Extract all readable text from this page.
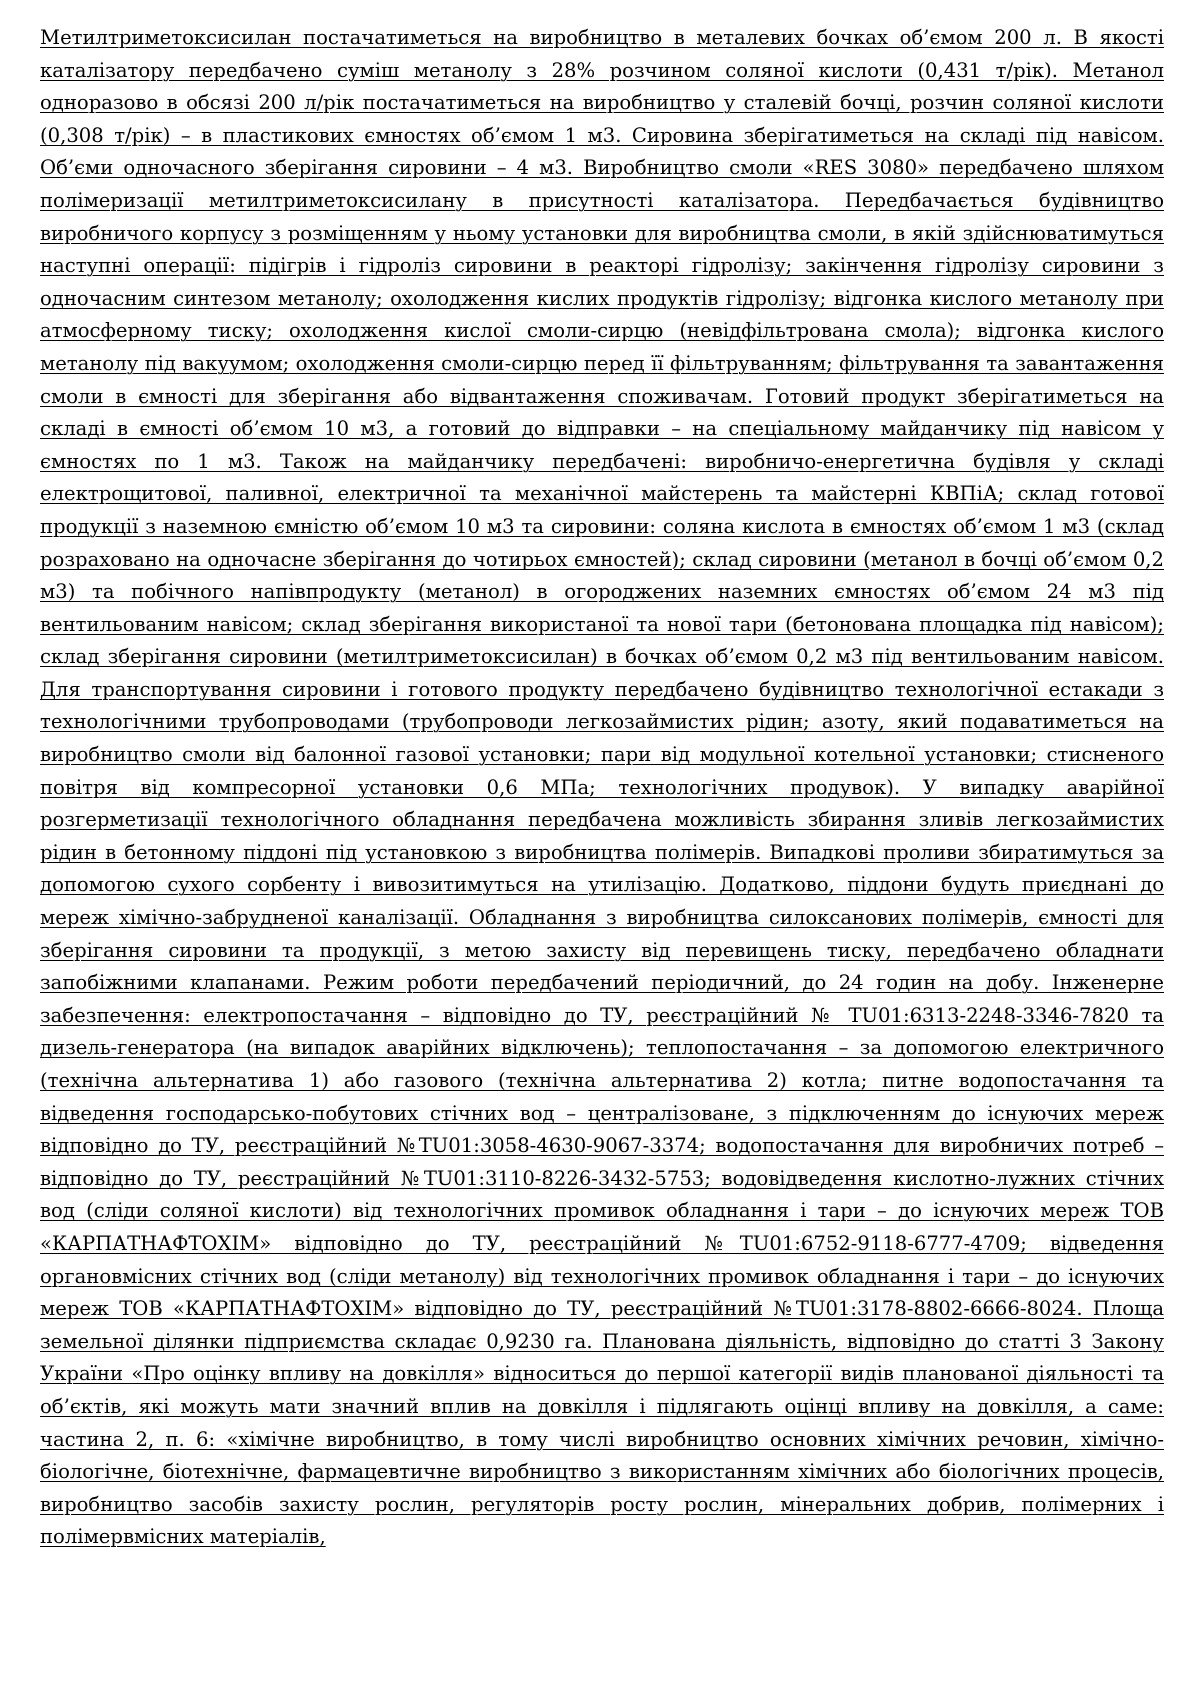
Метилтриметоксисилан постачатиметься на виробництво в металевих бочках об’ємом 200 л. В якості каталізатору передбачено суміш метанолу з 28% розчином соляної кислоти (0,431 т/рік). Метанол одноразово в обсязі 200 л/рік постачатиметься на виробництво у сталевій бочці, розчин соляної кислоти (0,308 т/рік) – в пластикових ємностях об’ємом 1 м3. Сировина зберігатиметься на складі під навісом. Об’єми одночасного зберігання сировини – 4 м3. Виробництво смоли «RES 3080» передбачено шляхом полімеризації метилтриметоксисилану в присутності каталізатора. Передбачається будівництво виробничого корпусу з розміщенням у ньому установки для виробництва смоли, в якій здійснюватимуться наступні операції: підігрів і гідроліз сировини в реакторі гідролізу; закінчення гідролізу сировини з одночасним синтезом метанолу; охолодження кислих продуктів гідролізу; відгонка кислого метанолу при атмосферному тиску; охолодження кислої смоли-сирцю (невідфільтрована смола); відгонка кислого метанолу під вакуумом; охолодження смоли-сирцю перед її фільтруванням; фільтрування та завантаження смоли в ємності для зберігання або відвантаження споживачам. Готовий продукт зберігатиметься на складі в ємності об’ємом 10 м3, а готовий до відправки – на спеціальному майданчику під навісом у ємностях по 1 м3. Також на майданчику передбачені: виробничо-енергетична будівля у складі електрощитової, паливної, електричної та механічної майстерень та майстерні КВПіА; склад готової продукції з наземною ємністю об’ємом 10 м3 та сировини: соляна кислота в ємностях об’ємом 1 м3 (склад розраховано на одночасне зберігання до чотирьох ємностей); склад сировини (метанол в бочці об’ємом 0,2 м3) та побічного напівпродукту (метанол) в огороджених наземних ємностях об’ємом 24 м3 під вентильованим навісом; склад зберігання використаної та нової тари (бетонована площадка під навісом); склад зберігання сировини (метилтриметоксисилан) в бочках об’ємом 0,2 м3 під вентильованим навісом. Для транспортування сировини і готового продукту передбачено будівництво технологічної естакади з технологічними трубопроводами (трубопроводи легкозаймистих рідин; азоту, який подаватиметься на виробництво смоли від балонної газової установки; пари від модульної котельної установки; стисненого повітря від компресорної установки 0,6 МПа; технологічних продувок). У випадку аварійної розгерметизації технологічного обладнання передбачена можливість збирання зливів легкозаймистих рідин в бетонному піддоні під установкою з виробництва полімерів. Випадкові проливи збиратимуться за допомогою сухого сорбенту і вивозитимуться на утилізацію. Додатково, піддони будуть приєднані до мереж хімічно-забрудненої каналізації. Обладнання з виробництва силоксанових полімерів, ємності для зберігання сировини та продукції, з метою захисту від перевищень тиску, передбачено обладнати запобіжними клапанами. Режим роботи передбачений періодичний, до 24 годин на добу. Інженерне забезпечення: електропостачання – відповідно до ТУ, реєстраційний № TU01:6313-2248-3346-7820 та дизель-генератора (на випадок аварійних відключень); теплопостачання – за допомогою електричного (технічна альтернатива 1) або газового (технічна альтернатива 2) котла; питне водопостачання та відведення господарсько-побутових стічних вод – централізоване, з підключенням до існуючих мереж відповідно до ТУ, реєстраційний №TU01:3058-4630-9067-3374; водопостачання для виробничих потреб – відповідно до ТУ, реєстраційний №TU01:3110-8226-3432-5753; водовідведення кислотно-лужних стічних вод (сліди соляної кислоти) від технологічних промивок обладнання і тари – до існуючих мереж ТОВ «КАРПАТНАФТОХІМ» відповідно до ТУ, реєстраційний №TU01:6752-9118-6777-4709; відведення органовмісних стічних вод (сліди метанолу) від технологічних промивок обладнання і тари – до існуючих мереж ТОВ «КАРПАТНАФТОХІМ» відповідно до ТУ, реєстраційний №TU01:3178-8802-6666-8024. Площа земельної ділянки підприємства складає 0,9230 га. Планована діяльність, відповідно до статті 3 Закону України «Про оцінку впливу на довкілля» відноситься до першої категорії видів планованої діяльності та об’єктів, які можуть мати значний вплив на довкілля і підлягають оцінці впливу на довкілля, а саме: частина 2, п. 6: «хімічне виробництво, в тому числі виробництво основних хімічних речовин, хімічно-біологічне, біотехнічне, фармацевтичне виробництво з використанням хімічних або біологічних процесів, виробництво засобів захисту рослин, регуляторів росту рослин, мінеральних добрив, полімерних і полімервмісних матеріалів,
